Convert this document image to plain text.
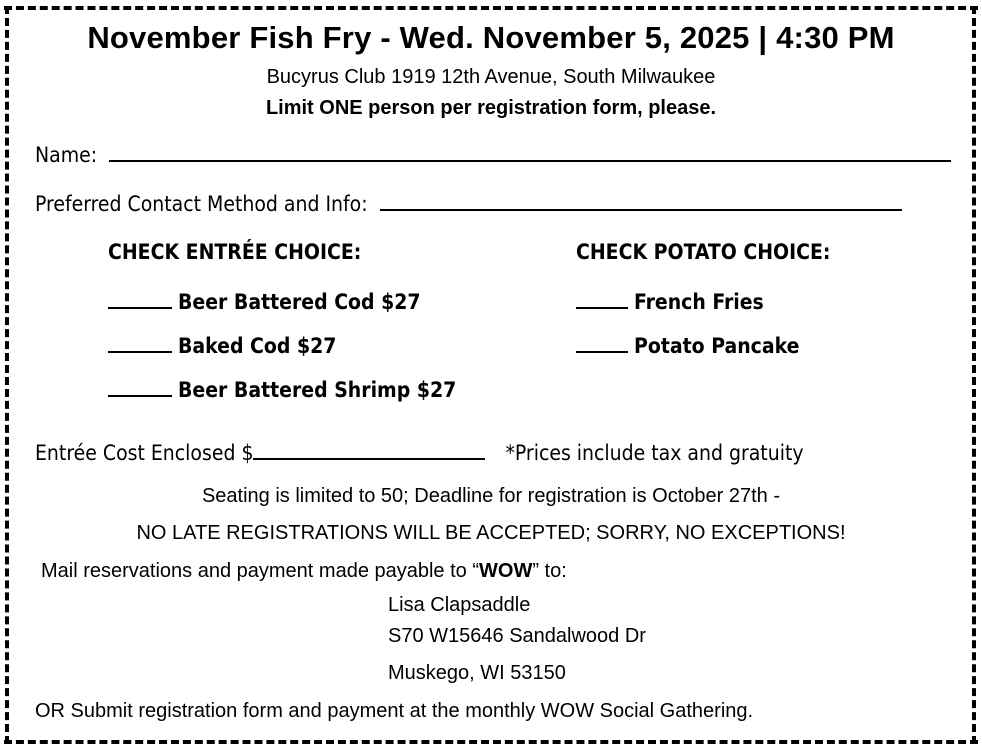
November Fish Fry - Wed. November 5, 2025 | 4:30 PM
Bucyrus Club 1919 12th Avenue, South Milwaukee
Limit ONE person per registration form, please.
Name:
Preferred Contact Method and Info:
CHECK ENTRÉE CHOICE:	CHECK POTATO CHOICE:
Beer Battered Cod $27
Baked Cod $27
Beer Battered Shrimp $27
French Fries
Potato Pancake
Entrée Cost Enclosed $	*Prices include tax and gratuity
Seating is limited to 50; Deadline for registration is October 27th -
NO LATE REGISTRATIONS WILL BE ACCEPTED; SORRY, NO EXCEPTIONS!
Mail reservations and payment made payable to “WOW” to:
Lisa Clapsaddle
S70 W15646 Sandalwood Dr
Muskego, WI 53150
OR Submit registration form and payment at the monthly WOW Social Gathering.
